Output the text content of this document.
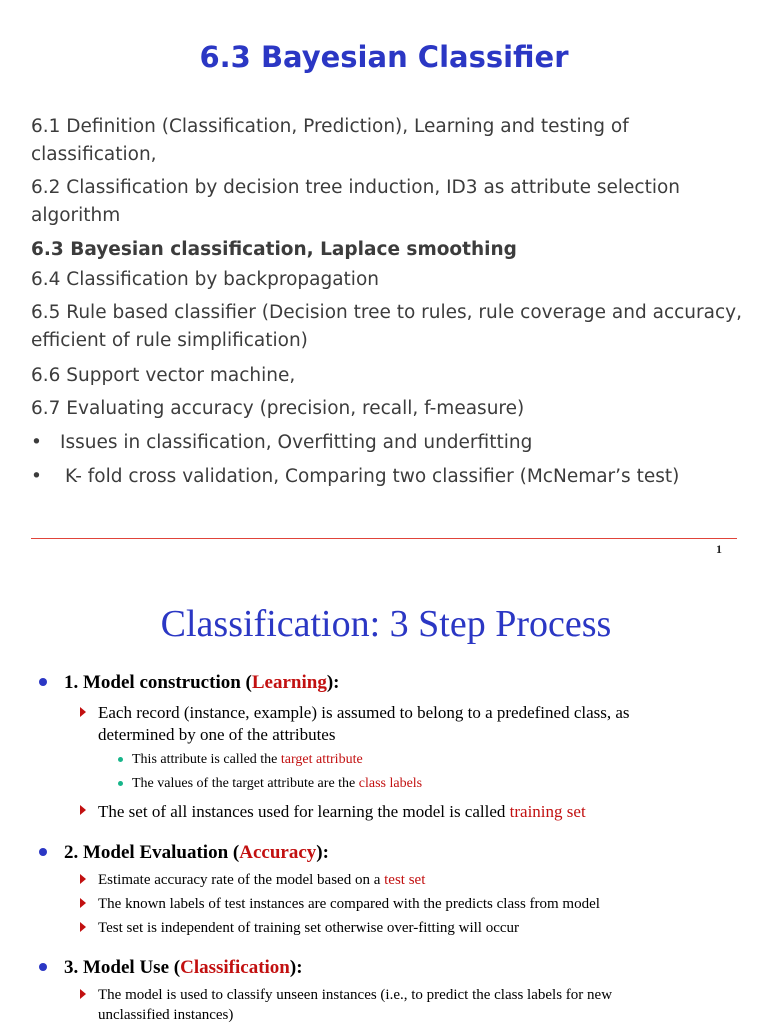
6.3 Bayesian Classifier
6.1 Definition (Classification, Prediction), Learning and testing of
classification,
6.2 Classification by decision tree induction, ID3 as attribute selection
algorithm
6.3 Bayesian classification, Laplace smoothing
6.4 Classification by backpropagation
6.5 Rule based classifier (Decision tree to rules, rule coverage and accuracy,
efficient of rule simplification)
6.6 Support vector machine,
6.7 Evaluating accuracy (precision, recall, f-measure)
• Issues in classification, Overfitting and underfitting
• K- fold cross validation, Comparing two classifier (McNemar’s test)
1
Classification: 3 Step Process
1. Model construction (Learning):
Each record (instance, example) is assumed to belong to a predefined class, as
determined by one of the attributes
This attribute is called the target attribute
The values of the target attribute are the class labels
The set of all instances used for learning the model is called training set
2. Model Evaluation (Accuracy):
Estimate accuracy rate of the model based on a test set
The known labels of test instances are compared with the predicts class from model
Test set is independent of training set otherwise over-fitting will occur
3. Model Use (Classification):
The model is used to classify unseen instances (i.e., to predict the class labels for new
unclassified instances)
